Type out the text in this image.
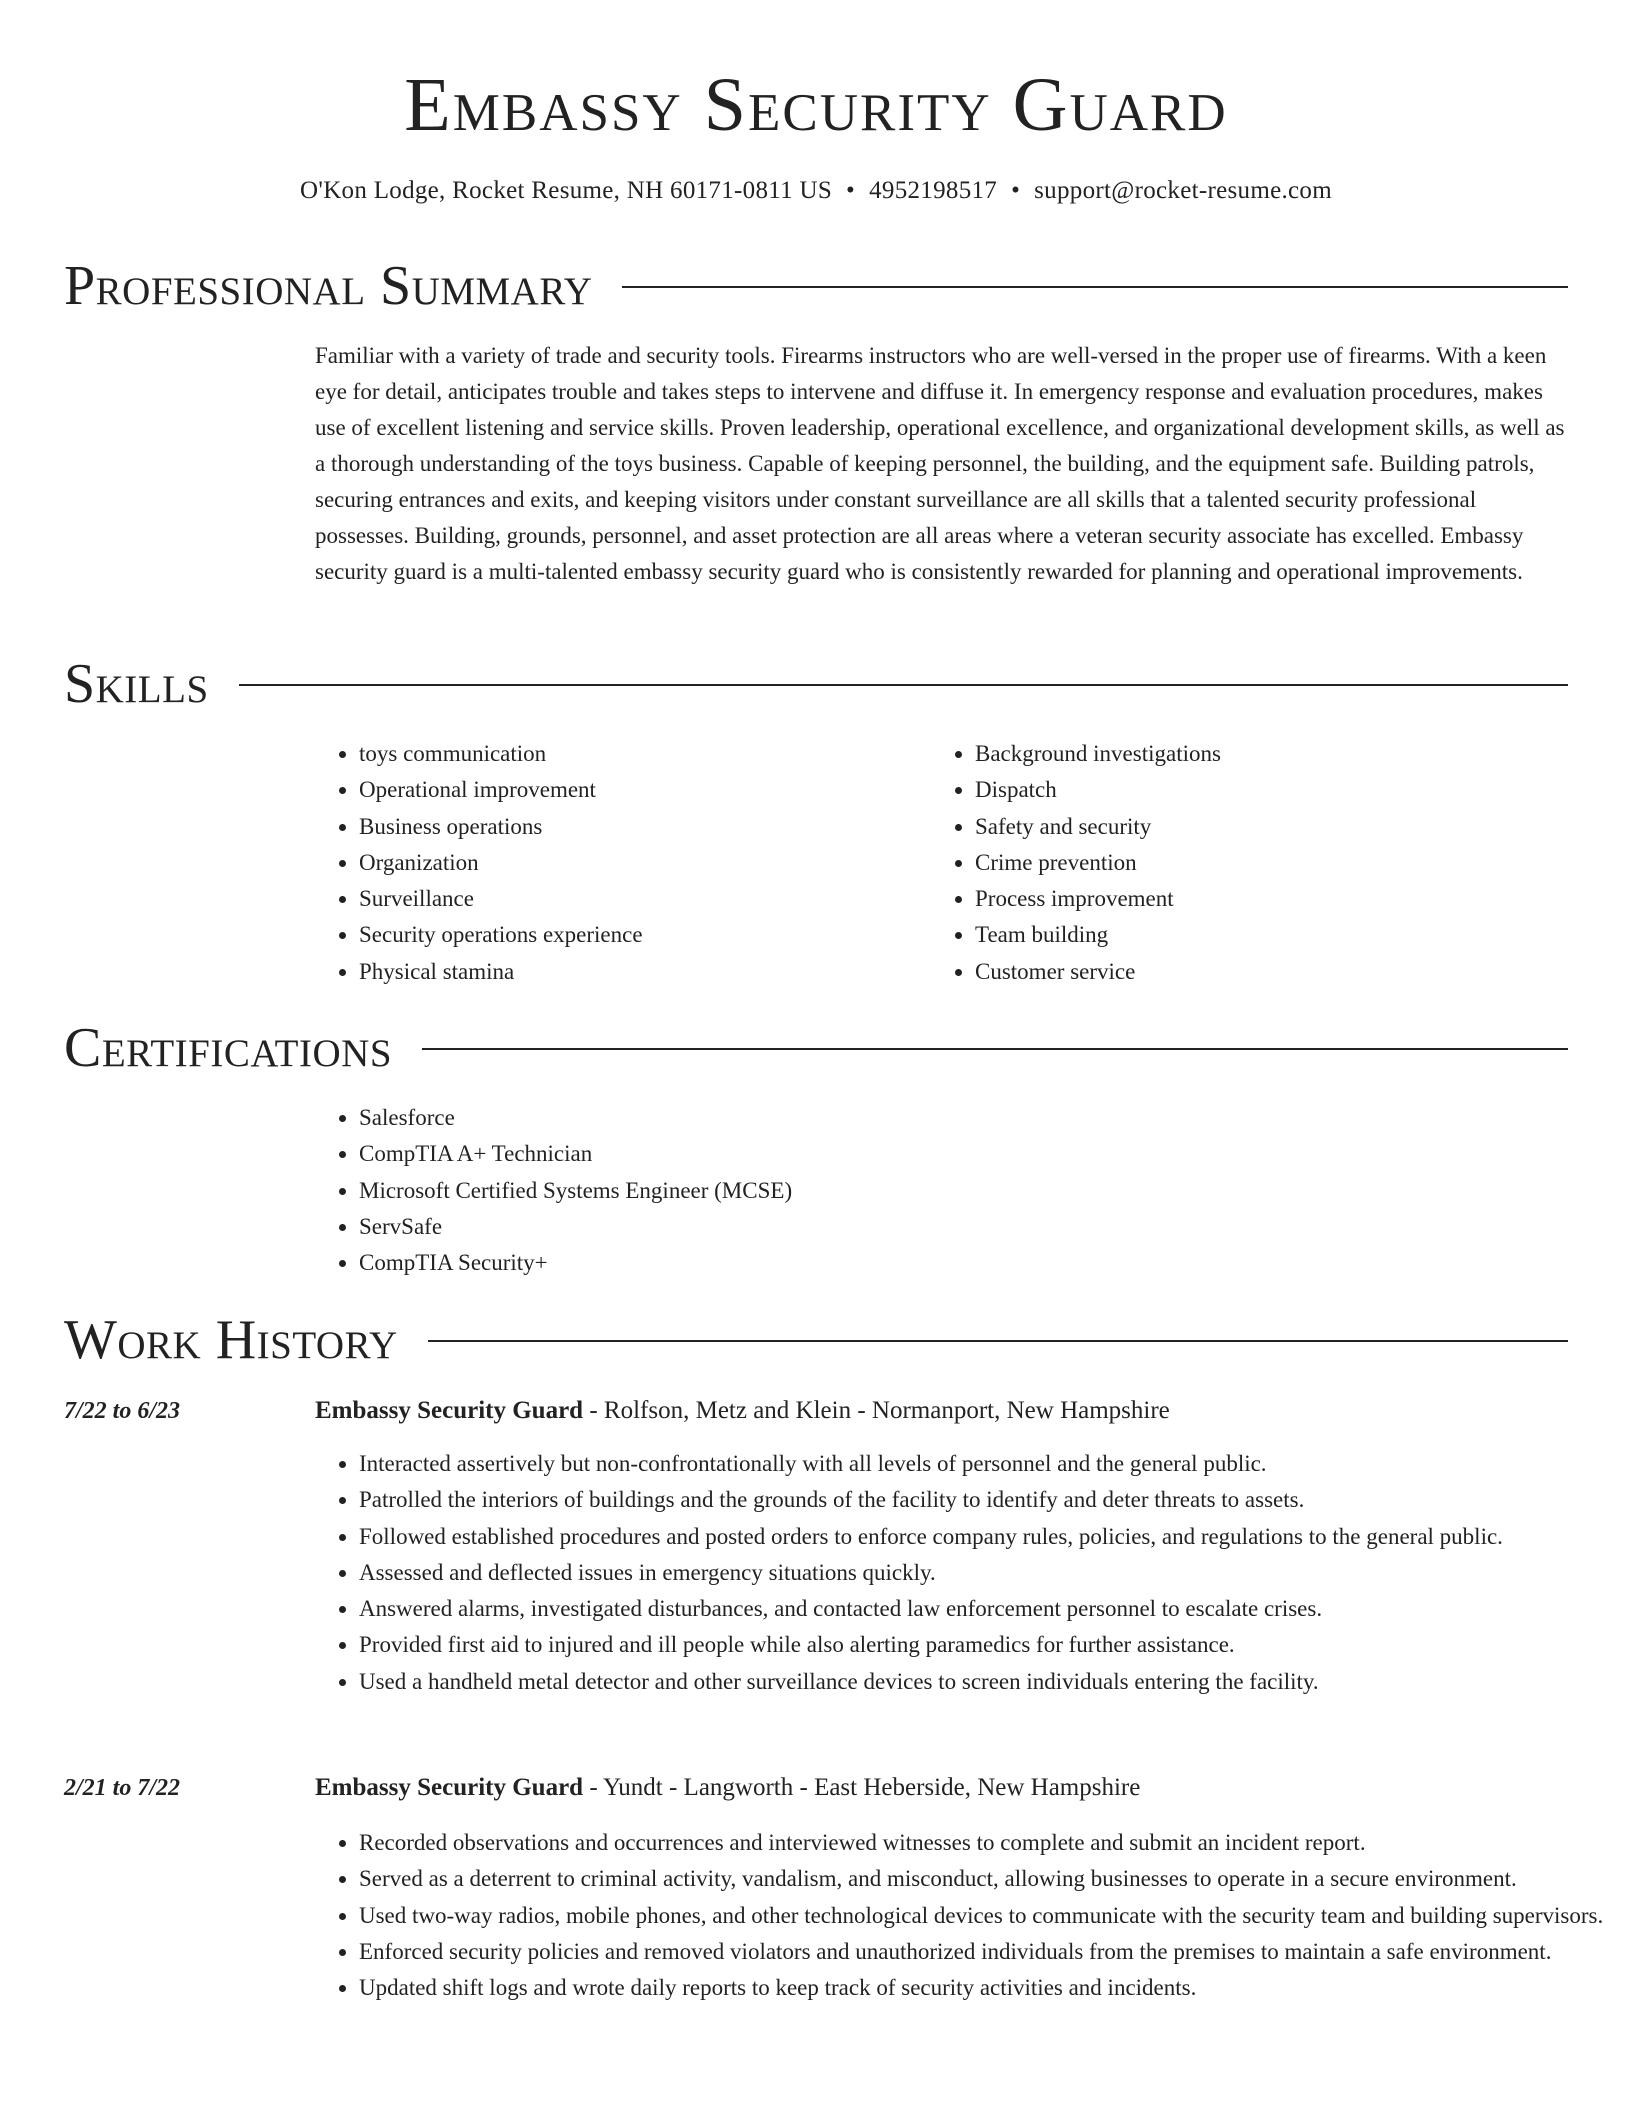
Embassy Security Guard
O'Kon Lodge, Rocket Resume, NH 60171-0811 US • 4952198517 • support@rocket-resume.com
Professional Summary

Familiar with a variety of trade and security tools. Firearms instructors who are well-versed in the proper use of firearms. With a keen eye for detail, anticipates trouble and takes steps to intervene and diffuse it. In emergency response and evaluation procedures, makes use of excellent listening and service skills. Proven leadership, operational excellence, and organizational development skills, as well as a thorough understanding of the toys business. Capable of keeping personnel, the building, and the equipment safe. Building patrols, securing entrances and exits, and keeping visitors under constant surveillance are all skills that a talented security professional possesses. Building, grounds, personnel, and asset protection are all areas where a veteran security associate has excelled. Embassy security guard is a multi-talented embassy security guard who is consistently rewarded for planning and operational improvements.

Skills
• toys communication
• Operational improvement
• Business operations
• Organization
• Surveillance
• Security operations experience
• Physical stamina
• Background investigations
• Dispatch
• Safety and security
• Crime prevention
• Process improvement
• Team building
• Customer service
Certifications
• Salesforce
• CompTIA A+ Technician
• Microsoft Certified Systems Engineer (MCSE)
• ServSafe
• CompTIA Security+
Work History
7/22 to 6/23	Embassy Security Guard - Rolfson, Metz and Klein - Normanport, New Hampshire
• Interacted assertively but non-confrontationally with all levels of personnel and the general public.
• Patrolled the interiors of buildings and the grounds of the facility to identify and deter threats to assets.
• Followed established procedures and posted orders to enforce company rules, policies, and regulations to the general public.
• Assessed and deflected issues in emergency situations quickly.
• Answered alarms, investigated disturbances, and contacted law enforcement personnel to escalate crises.
• Provided first aid to injured and ill people while also alerting paramedics for further assistance.
• Used a handheld metal detector and other surveillance devices to screen individuals entering the facility.
2/21 to 7/22	Embassy Security Guard - Yundt - Langworth - East Heberside, New Hampshire
• Recorded observations and occurrences and interviewed witnesses to complete and submit an incident report.
• Served as a deterrent to criminal activity, vandalism, and misconduct, allowing businesses to operate in a secure environment.
• Used two-way radios, mobile phones, and other technological devices to communicate with the security team and building supervisors.
• Enforced security policies and removed violators and unauthorized individuals from the premises to maintain a safe environment.
• Updated shift logs and wrote daily reports to keep track of security activities and incidents.
